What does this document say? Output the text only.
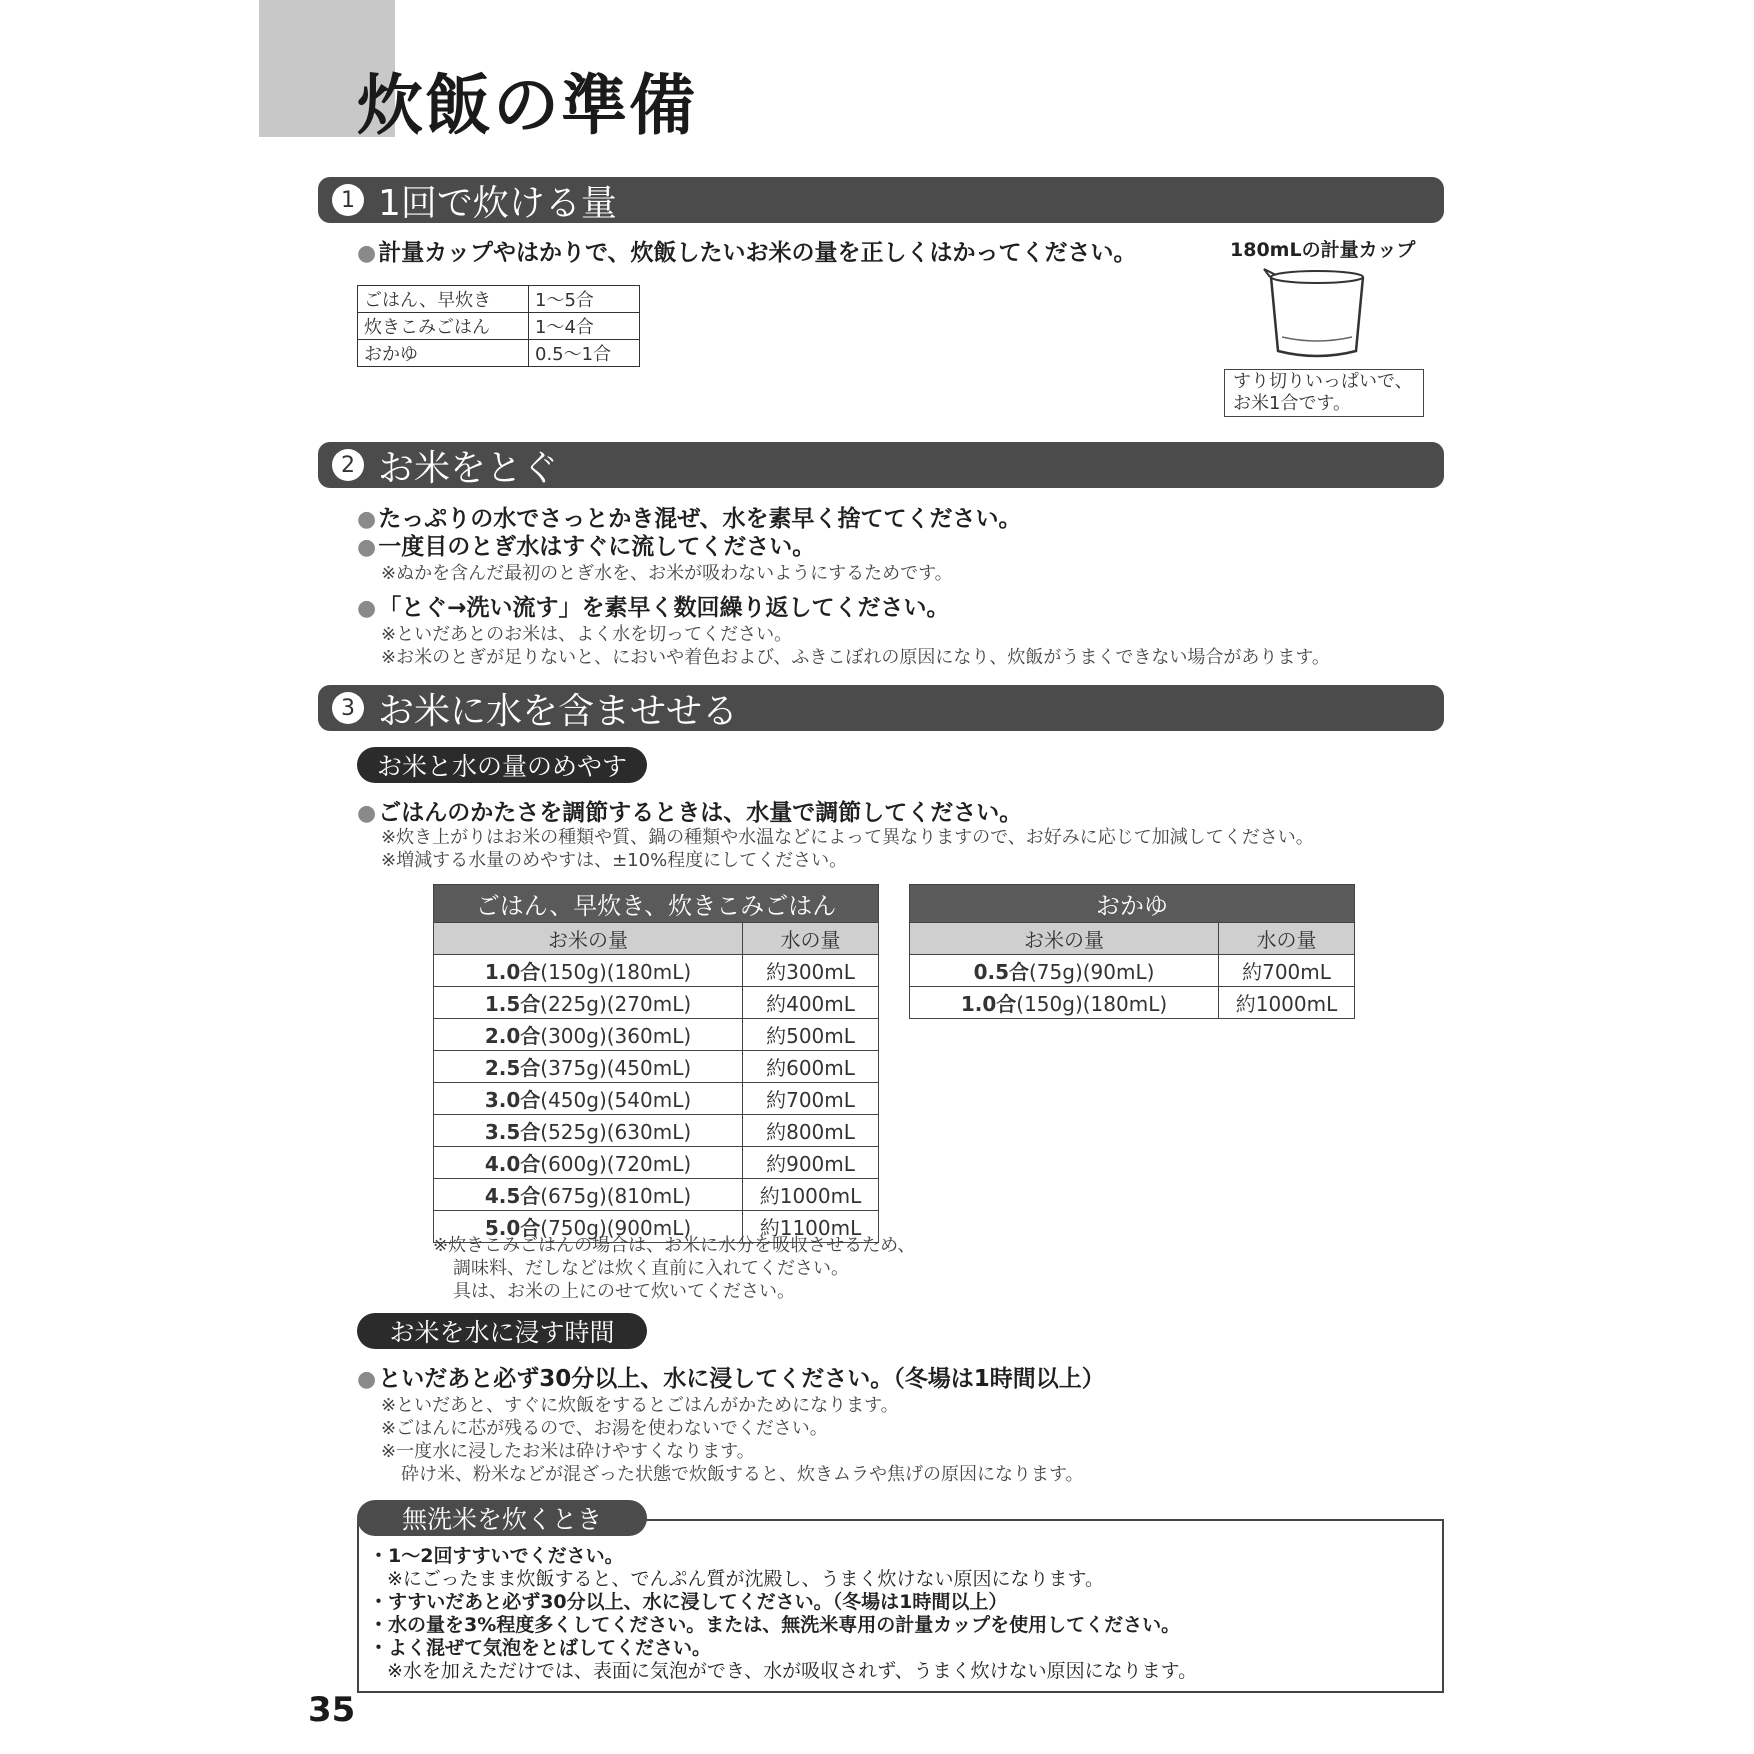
炊飯の準備
1 1回で炊ける量
●計量カップやはかりで、炊飯したいお米の量を正しくはかってください。
ごはん、早炊き	1〜5合
炊きこみごはん	1〜4合
おかゆ	0.5〜1合
180mLの計量カップ
すり切りいっぱいで、
お米1合です。
2 お米をとぐ
●たっぷりの水でさっとかき混ぜ、水を素早く捨ててください。
●一度目のとぎ水はすぐに流してください。
※ぬかを含んだ最初のとぎ水を、お米が吸わないようにするためです。
●「とぐ→洗い流す」を素早く数回繰り返してください。
※といだあとのお米は、よく水を切ってください。
※お米のとぎが足りないと、においや着色および、ふきこぼれの原因になり、炊飯がうまくできない場合があります。
3 お米に水を含ませせる
お米と水の量のめやす
●ごはんのかたさを調節するときは、水量で調節してください。
※炊き上がりはお米の種類や質、鍋の種類や水温などによって異なりますので、お好みに応じて加減してください。
※増減する水量のめやすは、±10%程度にしてください。
ごはん、早炊き、炊きこみごはん	
お米の量	水の量
1.0合(150g)(180mL)	約300mL
1.5合(225g)(270mL)	約400mL
2.0合(300g)(360mL)	約500mL
2.5合(375g)(450mL)	約600mL
3.0合(450g)(540mL)	約700mL
3.5合(525g)(630mL)	約800mL
4.0合(600g)(720mL)	約900mL
4.5合(675g)(810mL)	約1000mL
5.0合(750g)(900mL)	約1100mL
おかゆ	
お米の量	水の量
0.5合(75g)(90mL)	約700mL
1.0合(150g)(180mL)	約1000mL
※炊きこみごはんの場合は、お米に水分を吸収させるため、
調味料、だしなどは炊く直前に入れてください。
具は、お米の上にのせて炊いてください。
お米を水に浸す時間
●といだあと必ず30分以上、水に浸してください。（冬場は1時間以上）
※といだあと、すぐに炊飯をするとごはんがかためになります。
※ごはんに芯が残るので、お湯を使わないでください。
※一度水に浸したお米は砕けやすくなります。
砕け米、粉米などが混ざった状態で炊飯すると、炊きムラや焦げの原因になります。
無洗米を炊くとき
・1〜2回すすいでください。
※にごったまま炊飯すると、でんぷん質が沈殿し、うまく炊けない原因になります。
・すすいだあと必ず30分以上、水に浸してください。（冬場は1時間以上）
・水の量を3%程度多くしてください。または、無洗米専用の計量カップを使用してください。
・よく混ぜて気泡をとばしてください。
※水を加えただけでは、表面に気泡ができ、水が吸収されず、うまく炊けない原因になります。
35
